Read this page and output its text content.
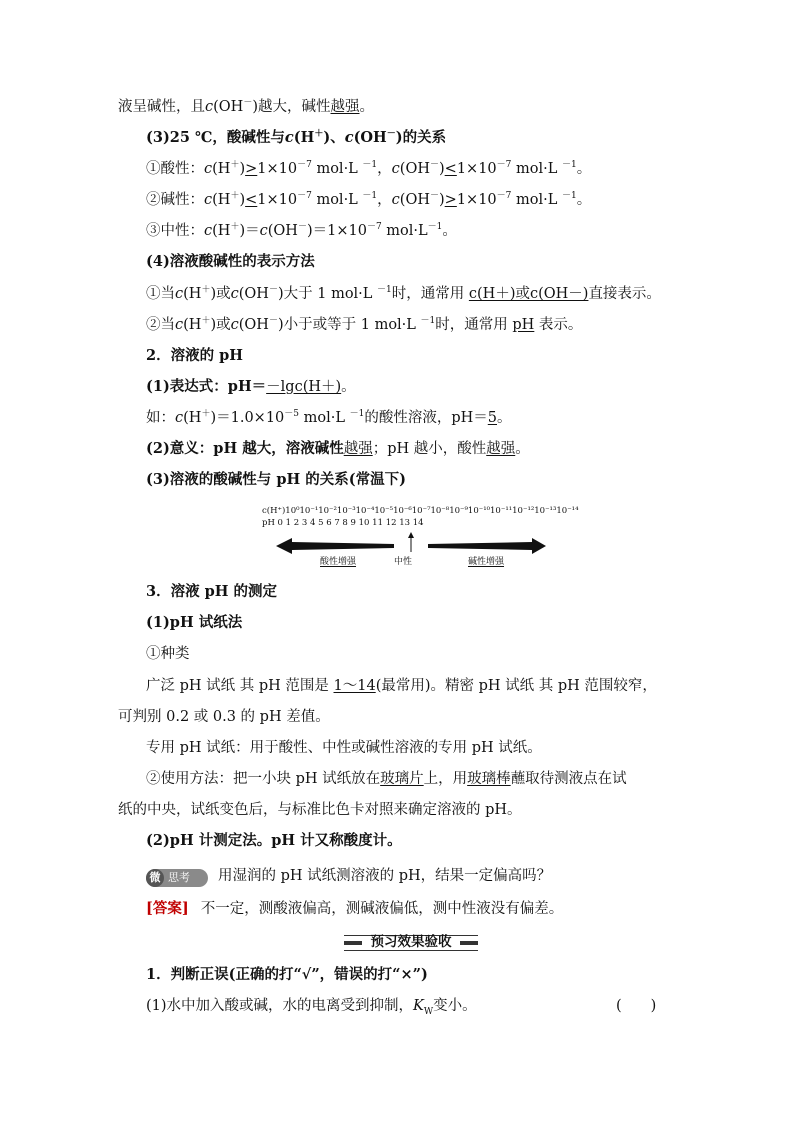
液呈碱性，且c(OH－)越大，碱性越强。
(3)25 ℃，酸碱性与c(H＋)、c(OH－)的关系
①酸性：$c(H^+)>1\times 10^{-7}$ mol·L $^{-1}$，$c(OH^-)<1\times 10^{-7}$ mol·L $^{-1}$。
②碱性：$c(H^+)<1\times 10^{-7}$ mol·L $^{-1}$，$c(OH^-)>1\times 10^{-7}$ mol·L $^{-1}$。
③中性：$c(H^+)=c(OH^-)=1\times 10^{-7}$ $mol\cdot L^{-1}$。
(4)溶液酸碱性的表示方法
①当c(H＋)或c(OH－)大于 1 mol·L $^{-1}$时，通常用 c(H＋)或c(OH－)直接表示。
②当c(H＋)或c(OH－)小于或等于 1 mol·L $^{-1}$时，通常用 pH 表示。
2．溶液的 pH
(1)表达式：pH＝－lgc(H＋)。
如：$c(H^+)=1.0\times 10^{-5}$ mol·L $^{-1}$的酸性溶液，pH＝5。
(2)意义：pH 越大，溶液碱性越强；pH 越小，酸性越强。
(3)溶液的酸碱性与 pH 的关系(常温下)
c(H⁺)10⁰10⁻¹10⁻²10⁻³10⁻⁴10⁻⁵10⁻⁶10⁻⁷10⁻⁸10⁻⁹10⁻¹⁰10⁻¹¹10⁻¹²10⁻¹³10⁻¹⁴
pH 0 1 2 3 4 5 6 7 8 9 10 11 12 13 14
酸性增强	中性	碱性增强
3．溶液 pH 的测定
(1)pH 试纸法
①种类
广泛 pH 试纸 其 pH 范围是 1～14(最常用)。精密 pH 试纸 其 pH 范围较窄，
可判别 0.2 或 0.3 的 pH 差值。
专用 pH 试纸：用于酸性、中性或碱性溶液的专用 pH 试纸。
②使用方法：把一小块 pH 试纸放在玻璃片上，用玻璃棒蘸取待测液点在试
纸的中央，试纸变色后，与标准比色卡对照来确定溶液的 pH。
(2)pH 计测定法。pH 计又称酸度计。
微 思考 用湿润的 pH 试纸测溶液的 pH，结果一定偏高吗？
[答案] 不一定，测酸液偏高，测碱液偏低，测中性液没有偏差。
预习效果验收
1．判断正误(正确的打“√”，错误的打“×”)
(1)水中加入酸或碱，水的电离受到抑制，$K_W$变小。	(　　)
